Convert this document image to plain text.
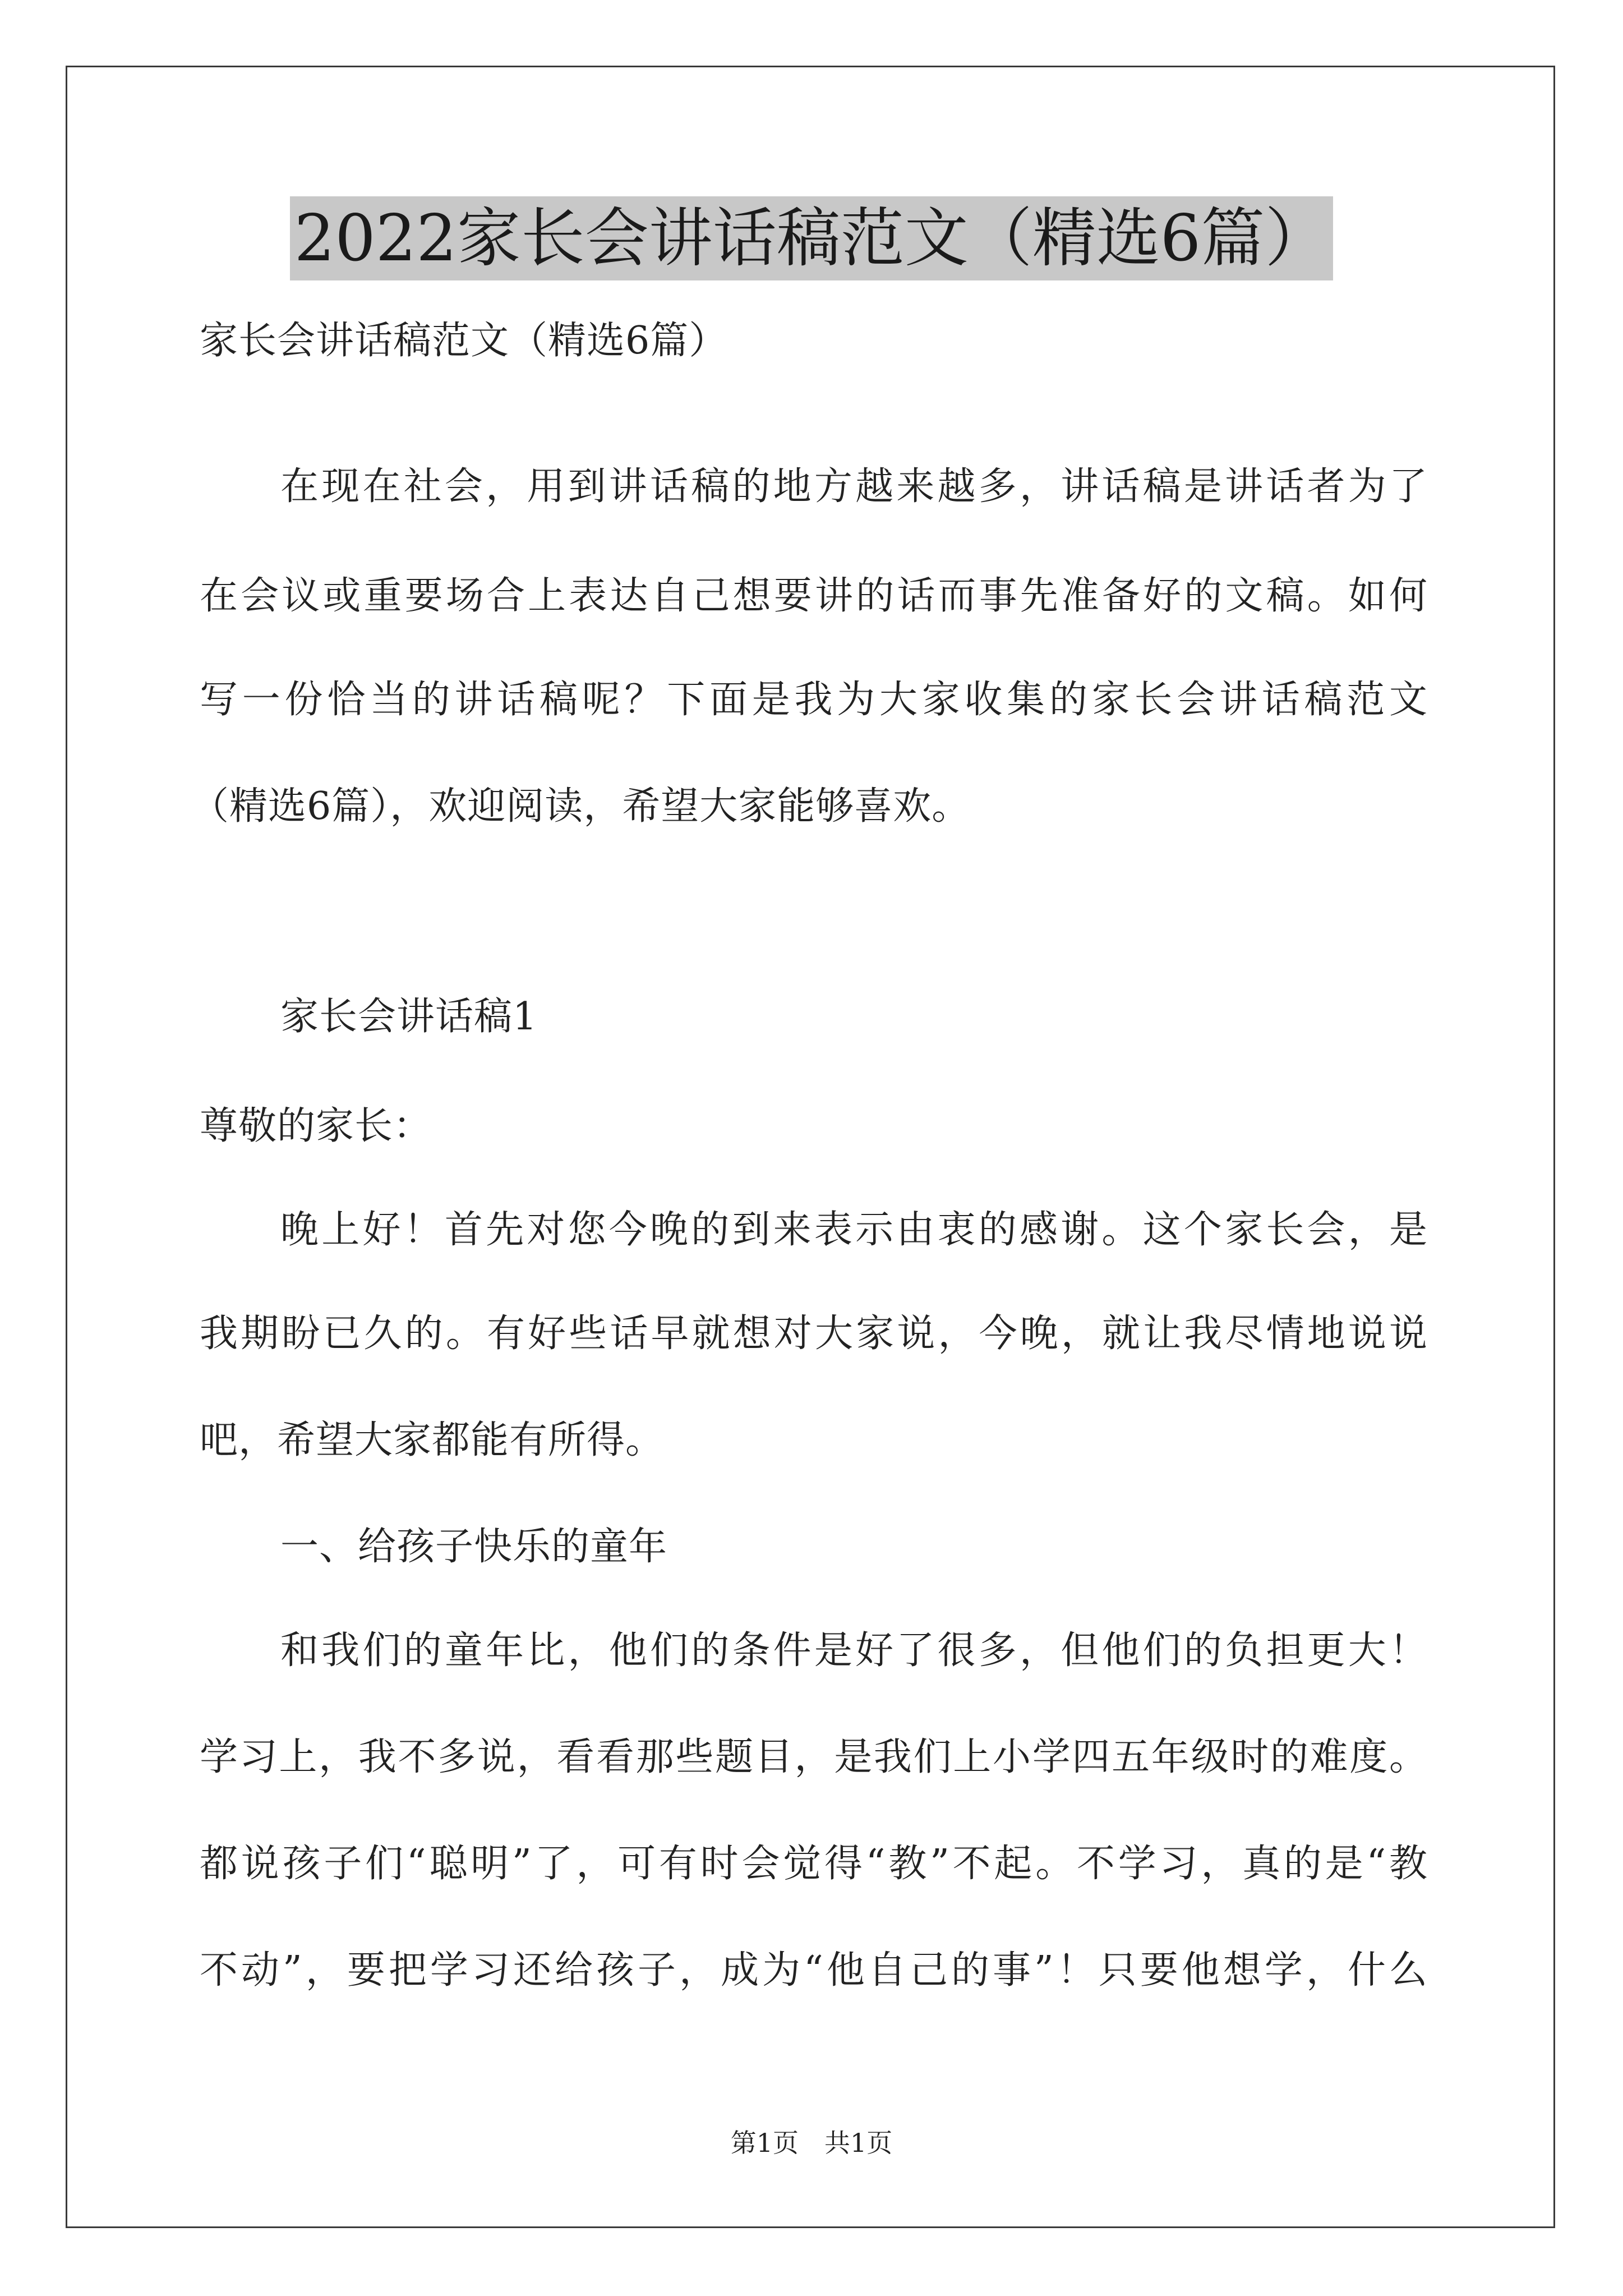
2022家长会讲话稿范文（精选6篇）
家长会讲话稿范文（精选6篇）
在现在社会，用到讲话稿的地方越来越多，讲话稿是讲话者为了
在会议或重要场合上表达自己想要讲的话而事先准备好的文稿。如何
写一份恰当的讲话稿呢？下面是我为大家收集的家长会讲话稿范文
（精选6篇），欢迎阅读，希望大家能够喜欢。
家长会讲话稿1
尊敬的家长：
晚上好！首先对您今晚的到来表示由衷的感谢。这个家长会，是
我期盼已久的。有好些话早就想对大家说，今晚，就让我尽情地说说
吧，希望大家都能有所得。
一、给孩子快乐的童年
和我们的童年比，他们的条件是好了很多，但他们的负担更大！
学习上，我不多说，看看那些题目，是我们上小学四五年级时的难度。
都说孩子们“聪明”了，可有时会觉得“教”不起。不学习，真的是“教
不动”，要把学习还给孩子，成为“他自己的事”！只要他想学，什么
第1页　共1页
